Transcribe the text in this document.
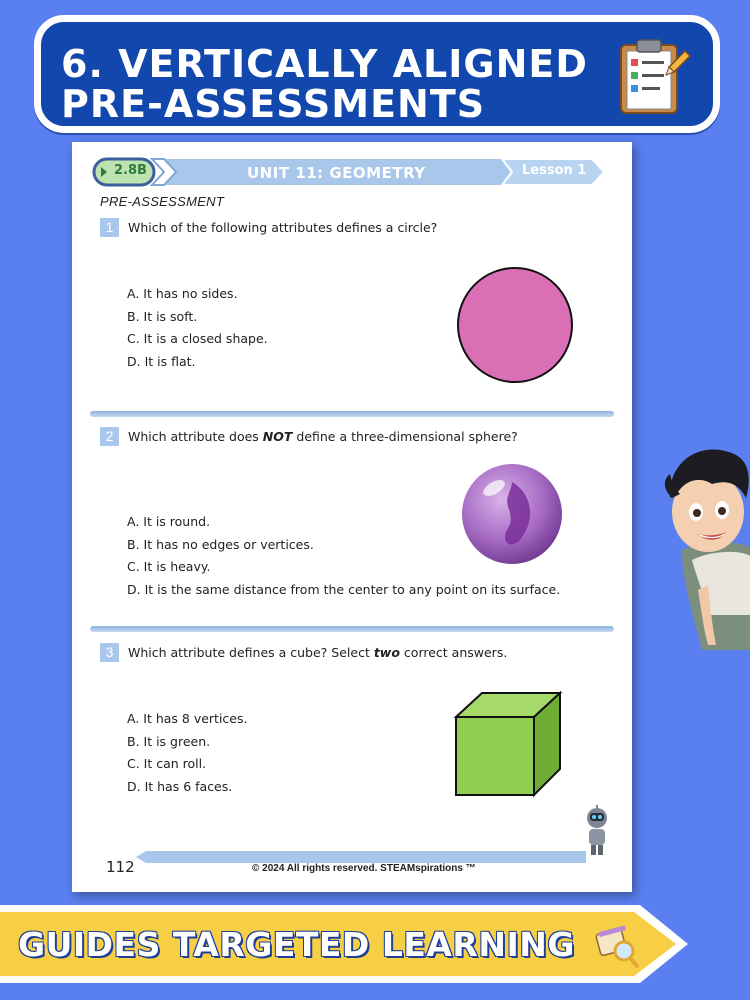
6. VERTICALLY ALIGNED
PRE-ASSESSMENTS
2.8B	UNIT 11: GEOMETRY	Lesson 1
PRE-ASSESSMENT
1	Which of the following attributes defines a circle?
A. It has no sides.
B. It is soft.
C. It is a closed shape.
D. It is flat.
2	Which attribute does NOT define a three-dimensional sphere?
A. It is round.
B. It has no edges or vertices.
C. It is heavy.
D. It is the same distance from the center to any point on its surface.
3	Which attribute defines a cube? Select two correct answers.
A. It has 8 vertices.
B. It is green.
C. It can roll.
D. It has 6 faces.
112	© 2024 All rights reserved. STEAMspirations ™
GUIDES TARGETED LEARNING
